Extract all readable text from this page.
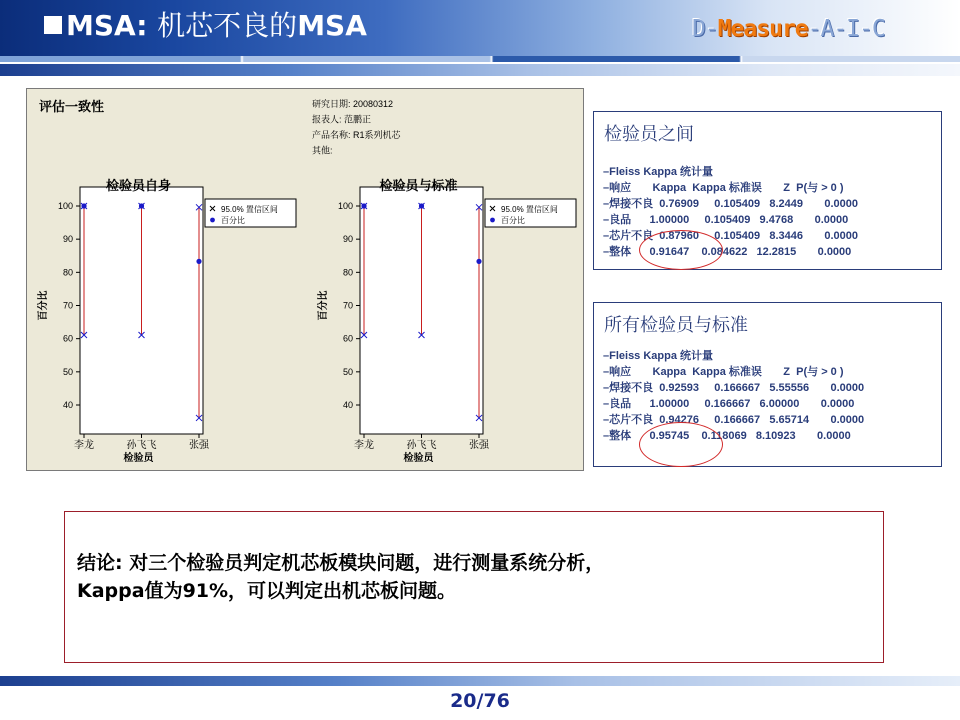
MSA: 机芯不良的MSA	D-Measure-A-I-C
评估一致性	研究日期: 20080312
报表人: 范鹏正
产品名称: R1系列机芯
其他:
检验员自身
40
50
60
70
80
90
100
百分比
李龙	孙飞飞	张强
检验员
95.0% 置信区间
百分比
检验员与标准
40
50
60
70
80
90
100
百分比
李龙	孙飞飞	张强
检验员
95.0% 置信区间
百分比
检验员之间
–Fleiss Kappa 统计量
–响应       Kappa  Kappa 标准误       Z  P(与 > 0 )
–焊接不良  0.76909     0.105409   8.2449       0.0000
–良品      1.00000     0.105409   9.4768       0.0000
–芯片不良  0.87960     0.105409   8.3446       0.0000
–整体      0.91647    0.084622   12.2815       0.0000
所有检验员与标准
–Fleiss Kappa 统计量
–响应       Kappa  Kappa 标准误       Z  P(与 > 0 )
–焊接不良  0.92593     0.166667   5.55556       0.0000
–良品      1.00000     0.166667   6.00000       0.0000
–芯片不良  0.94276     0.166667   5.65714       0.0000
–整体      0.95745    0.118069   8.10923       0.0000
结论: 对三个检验员判定机芯板模块问题，进行测量系统分析，
Kappa值为91%，可以判定出机芯板问题。
20/76
